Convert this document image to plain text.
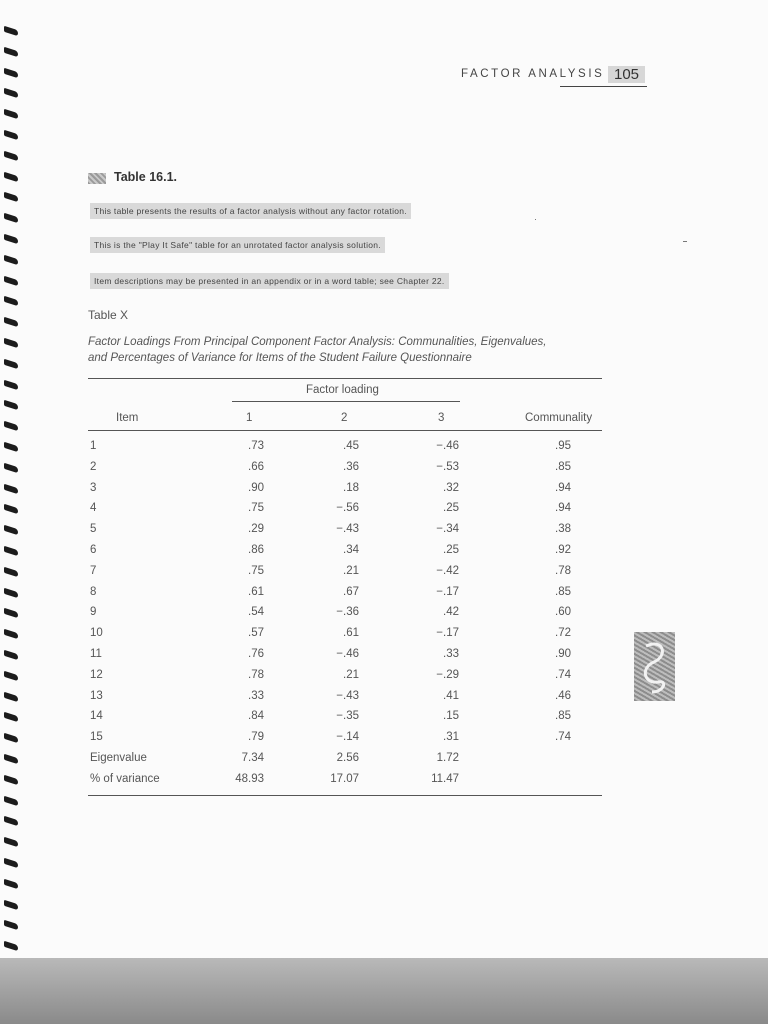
FACTOR ANALYSIS 105
Table 16.1.
This table presents the results of a factor analysis without any factor rotation.
This is the "Play It Safe" table for an unrotated factor analysis solution.
Item descriptions may be presented in an appendix or in a word table; see Chapter 22.
Table X
Factor Loadings From Principal Component Factor Analysis: Communalities, Eigenvalues,
and Percentages of Variance for Items of the Student Failure Questionnaire
Factor loading
Item	1	2	3	Communality
1	.73	.45	−.46	.95
2	.66	.36	−.53	.85
3	.90	.18	.32	.94
4	.75	−.56	.25	.94
5	.29	−.43	−.34	.38
6	.86	.34	.25	.92
7	.75	.21	−.42	.78
8	.61	.67	−.17	.85
9	.54	−.36	.42	.60
10	.57	.61	−.17	.72
11	.76	−.46	.33	.90
12	.78	.21	−.29	.74
13	.33	−.43	.41	.46
14	.84	−.35	.15	.85
15	.79	−.14	.31	.74
Eigenvalue	7.34	2.56	1.72
% of variance	48.93	17.07	11.47
